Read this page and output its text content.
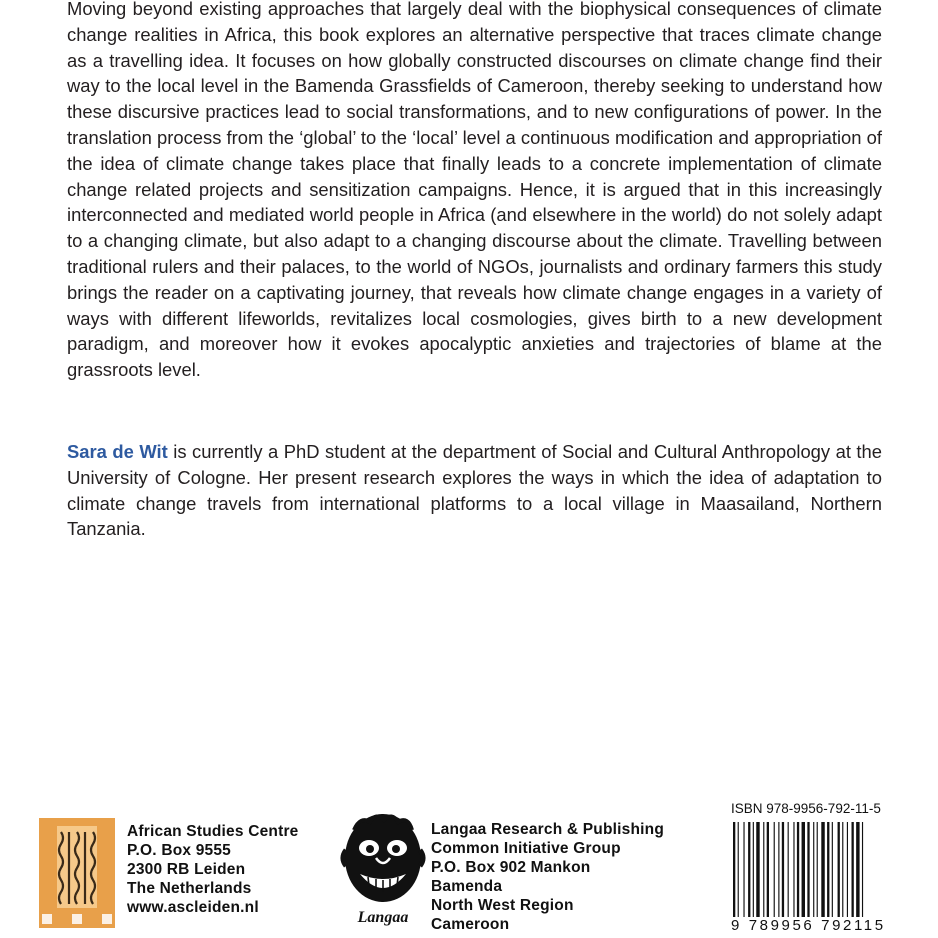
Moving beyond existing approaches that largely deal with the biophysical consequences of climate change realities in Africa, this book explores an alternative perspective that traces climate change as a travelling idea. It focuses on how globally constructed discourses on climate change find their way to the local level in the Bamenda Grassfields of Cameroon, thereby seeking to understand how these discursive practices lead to social transformations, and to new configurations of power. In the translation process from the ‘global’ to the ‘local’ level a continuous modification and appropriation of the idea of climate change takes place that finally leads to a concrete implementation of climate change related projects and sensitization campaigns. Hence, it is argued that in this increasingly interconnected and mediated world people in Africa (and elsewhere in the world) do not solely adapt to a changing climate, but also adapt to a changing discourse about the climate. Travelling between traditional rulers and their palaces, to the world of NGOs, journalists and ordinary farmers this study brings the reader on a captivating journey, that reveals how climate change engages in a variety of ways with different lifeworlds, revitalizes local cosmologies, gives birth to a new development paradigm, and moreover how it evokes apocalyptic anxieties and trajectories of blame at the grassroots level.

Sara de Wit is currently a PhD student at the department of Social and Cultural Anthropology at the University of Cologne. Her present research explores the ways in which the idea of adaptation to climate change travels from international platforms to a local village in Maasailand, Northern Tanzania.

African Studies Centre
P.O. Box 9555
2300 RB Leiden
The Netherlands
www.ascleiden.nl
Langaa
Langaa Research & Publishing
Common Initiative Group
P.O. Box 902 Mankon
Bamenda
North West Region
Cameroon
ISBN 978-9956-792-11-5
9 789956 792115
